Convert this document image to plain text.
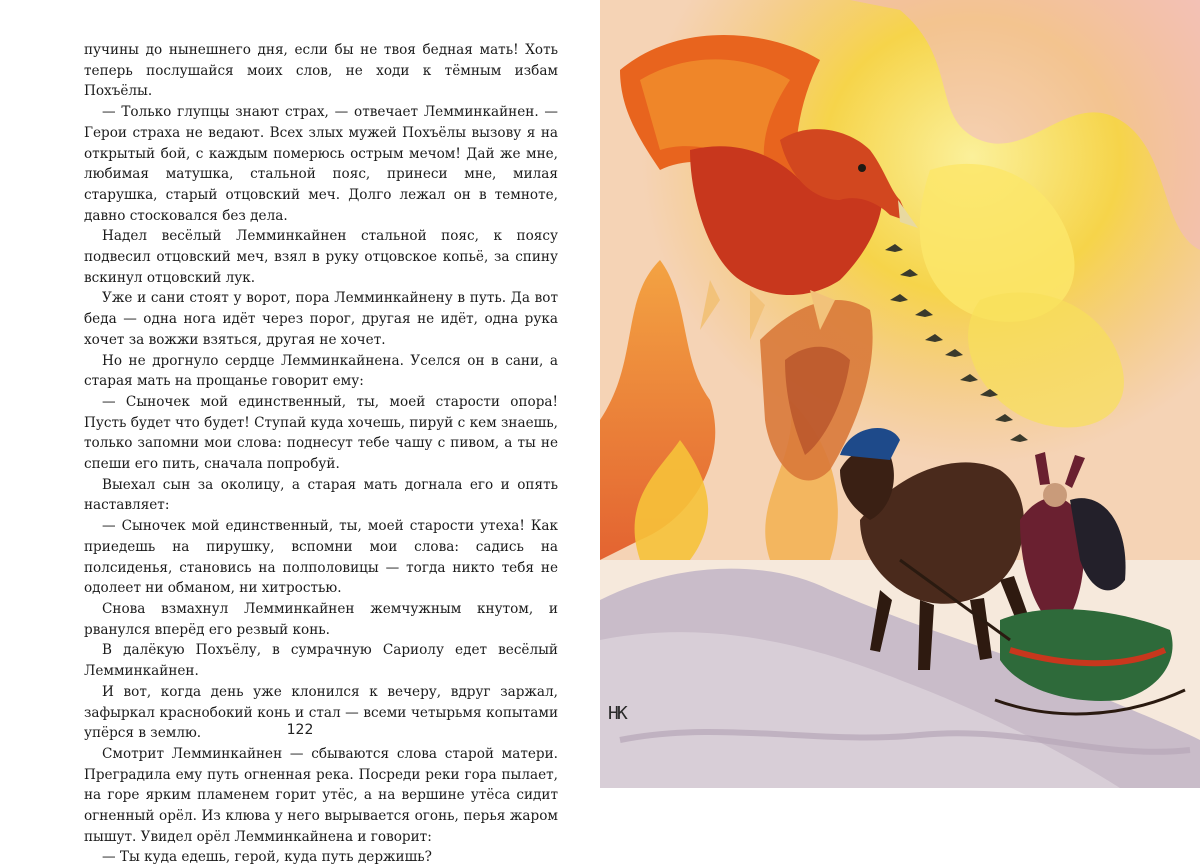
пучины до нынешнего дня, если бы не твоя бедная мать! Хоть теперь послушайся моих слов, не ходи к тёмным избам Похъёлы.

— Только глупцы знают страх, — отвечает Лемминкайнен. — Герои страха не ведают. Всех злых мужей Похъёлы вызову я на открытый бой, с каждым померюсь острым мечом! Дай же мне, любимая матушка, стальной пояс, принеси мне, милая старушка, старый отцовский меч. Долго лежал он в темноте, давно стосковался без дела.

Надел весёлый Лемминкайнен стальной пояс, к поясу подвесил отцовский меч, взял в руку отцовское копьё, за спину вскинул отцовский лук.

Уже и сани стоят у ворот, пора Лемминкайнену в путь. Да вот беда — одна нога идёт через порог, другая не идёт, одна рука хочет за вожжи взяться, другая не хочет.

Но не дрогнуло сердце Лемминкайнена. Уселся он в сани, а старая мать на прощанье говорит ему:

— Сыночек мой единственный, ты, моей старости опора! Пусть будет что будет! Ступай куда хочешь, пируй с кем знаешь, только запомни мои слова: поднесут тебе чашу с пивом, а ты не спеши его пить, сначала попробуй.

Выехал сын за околицу, а старая мать догнала его и опять наставляет:

— Сыночек мой единственный, ты, моей старости утеха! Как приедешь на пирушку, вспомни мои слова: садись на полсиденья, становись на полполовицы — тогда никто тебя не одолеет ни обманом, ни хитростью.

Снова взмахнул Лемминкайнен жемчужным кнутом, и рванулся вперёд его резвый конь.

В далёкую Похъёлу, в сумрачную Сариолу едет весёлый Лемминкайнен.

И вот, когда день уже клонился к вечеру, вдруг заржал, зафыркал краснобокий конь и стал — всеми четырьмя копытами упёрся в землю.

Смотрит Лемминкайнен — сбываются слова старой матери. Преградила ему путь огненная река. Посреди реки гора пылает, на горе ярким пламенем горит утёс, а на вершине утёса сидит огненный орёл. Из клюва у него вырывается огонь, перья жаром пышут. Увидел орёл Лемминкайнена и говорит:

— Ты куда едешь, герой, куда путь держишь?

122
НК
